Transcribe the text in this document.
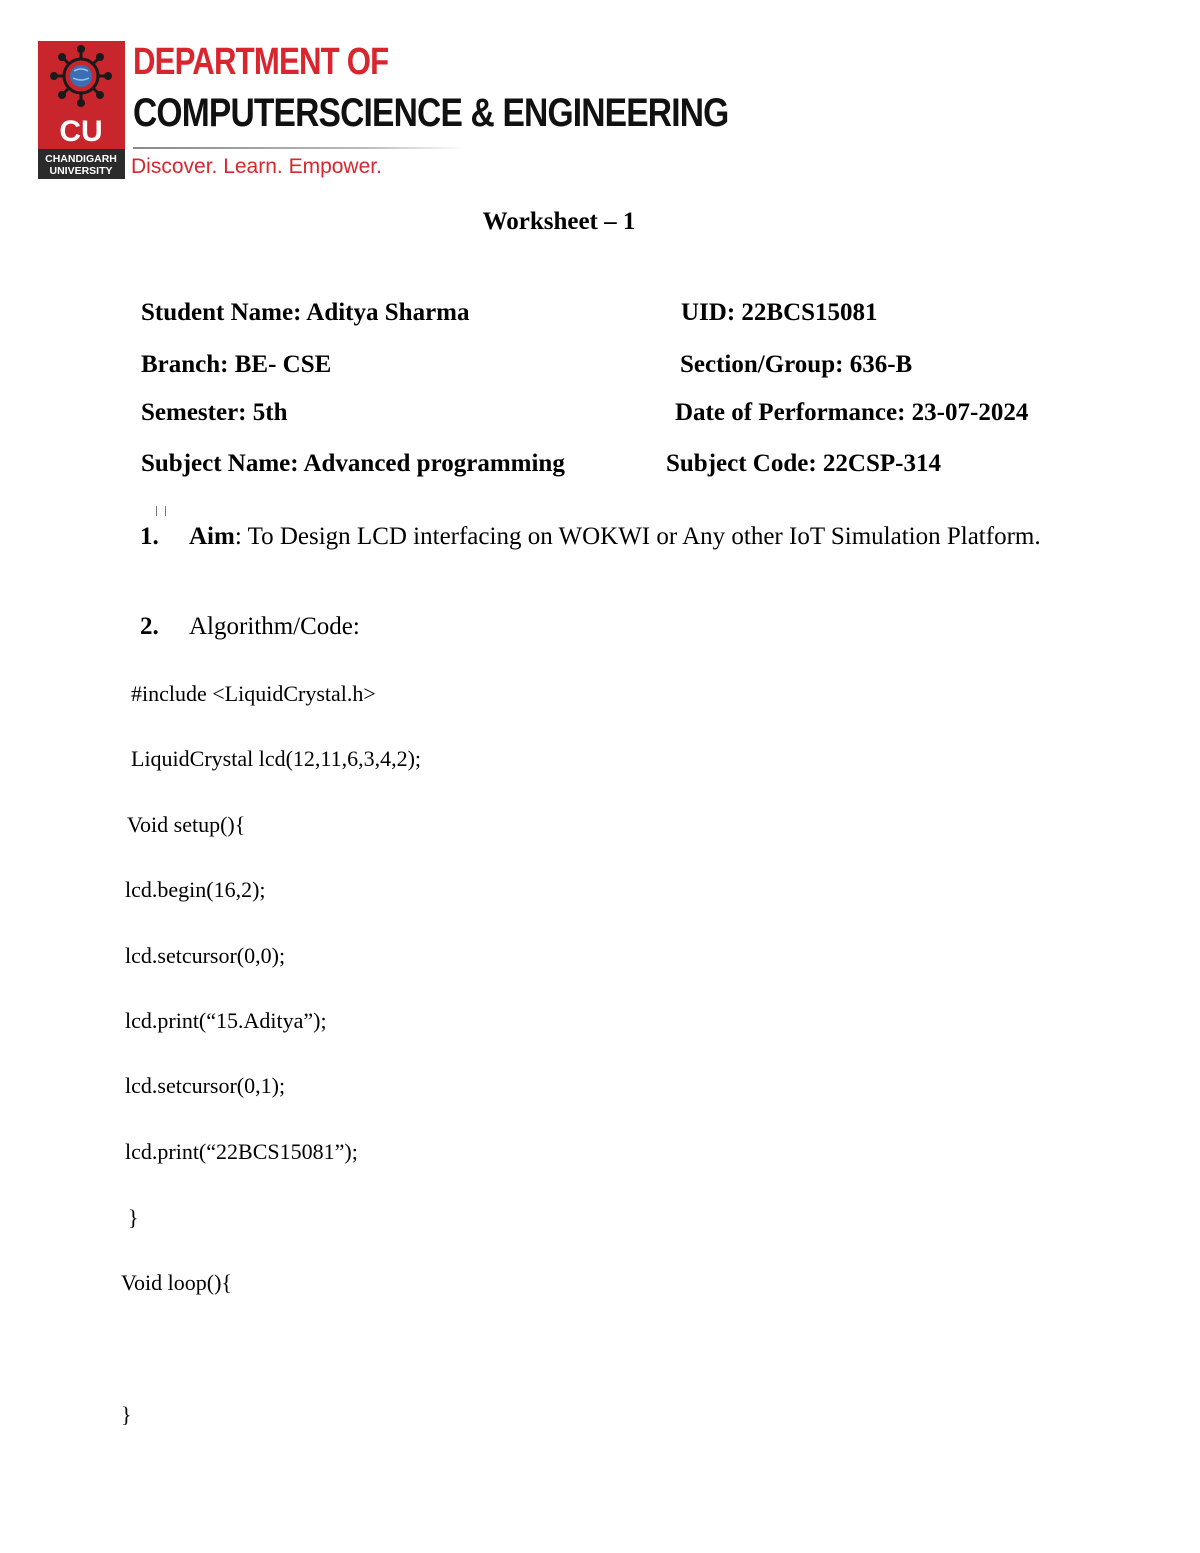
CU
CHANDIGARH
UNIVERSITY
DEPARTMENT OF
COMPUTERSCIENCE & ENGINEERING
Discover. Learn. Empower.
Worksheet – 1
Student Name: Aditya Sharma	UID: 22BCS15081
Branch: BE- CSE	Section/Group: 636-B
Semester: 5th	Date of Performance: 23-07-2024
Subject Name: Advanced programming	Subject Code: 22CSP-314
1. Aim: To Design LCD interfacing on WOKWI or Any other IoT Simulation Platform.
2. Algorithm/Code:
#include <LiquidCrystal.h>
LiquidCrystal lcd(12,11,6,3,4,2);
Void setup(){
lcd.begin(16,2);
lcd.setcursor(0,0);
lcd.print(“15.Aditya”);
lcd.setcursor(0,1);
lcd.print(“22BCS15081”);
}
Void loop(){
}
